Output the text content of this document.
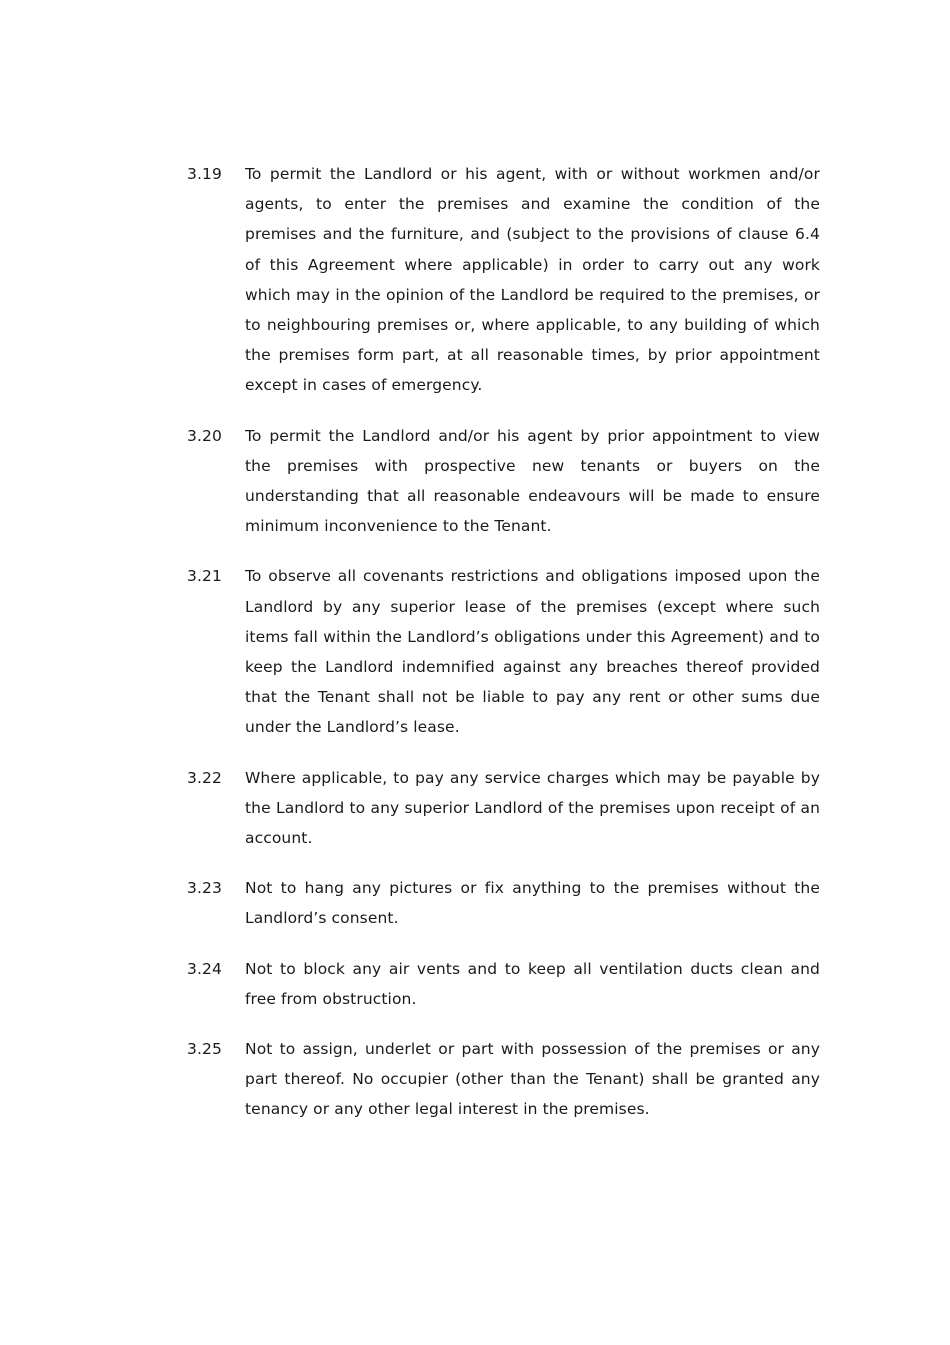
3.19	To permit the Landlord or his agent, with or without workmen and/or agents, to enter the premises and examine the condition of the premises and the furniture, and (subject to the provisions of clause 6.4 of this Agreement where applicable) in order to carry out any work which may in the opinion of the Landlord be required to the premises, or to neighbouring premises or, where applicable, to any building of which the premises form part, at all reasonable times, by prior appointment except in cases of emergency.
3.20	To permit the Landlord and/or his agent by prior appointment to view the premises with prospective new tenants or buyers on the understanding that all reasonable endeavours will be made to ensure minimum inconvenience to the Tenant.
3.21	To observe all covenants restrictions and obligations imposed upon the Landlord by any superior lease of the premises (except where such items fall within the Landlord’s obligations under this Agreement) and to keep the Landlord indemnified against any breaches thereof provided that the Tenant shall not be liable to pay any rent or other sums due under the Landlord’s lease.
3.22	Where applicable, to pay any service charges which may be payable by the Landlord to any superior Landlord of the premises upon receipt of an account.
3.23	Not to hang any pictures or fix anything to the premises without the Landlord’s consent.
3.24	Not to block any air vents and to keep all ventilation ducts clean and free from obstruction.
3.25	Not to assign, underlet or part with possession of the premises or any part thereof. No occupier (other than the Tenant) shall be granted any tenancy or any other legal interest in the premises.
